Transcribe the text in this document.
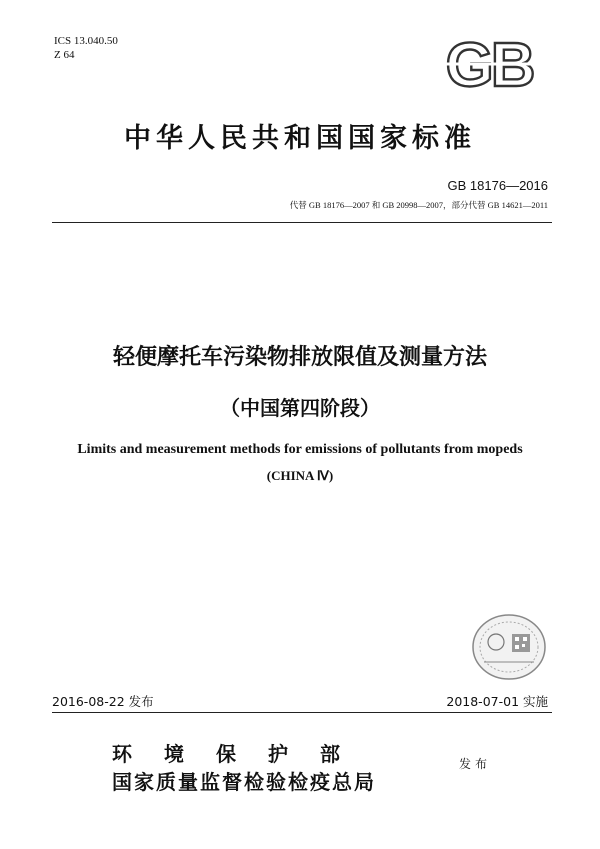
ICS 13.040.50
Z 64	GB
中华人民共和国国家标准
GB 18176—2016
代替 GB 18176—2007 和 GB 20998—2007，部分代替 GB 14621—2011
轻便摩托车污染物排放限值及测量方法
（中国第四阶段）
Limits and measurement methods for emissions of pollutants from mopeds
(CHINA Ⅳ)
2016-08-22 发布	2018-07-01 实施
环境保护部
国家质量监督检验检疫总局
发布
